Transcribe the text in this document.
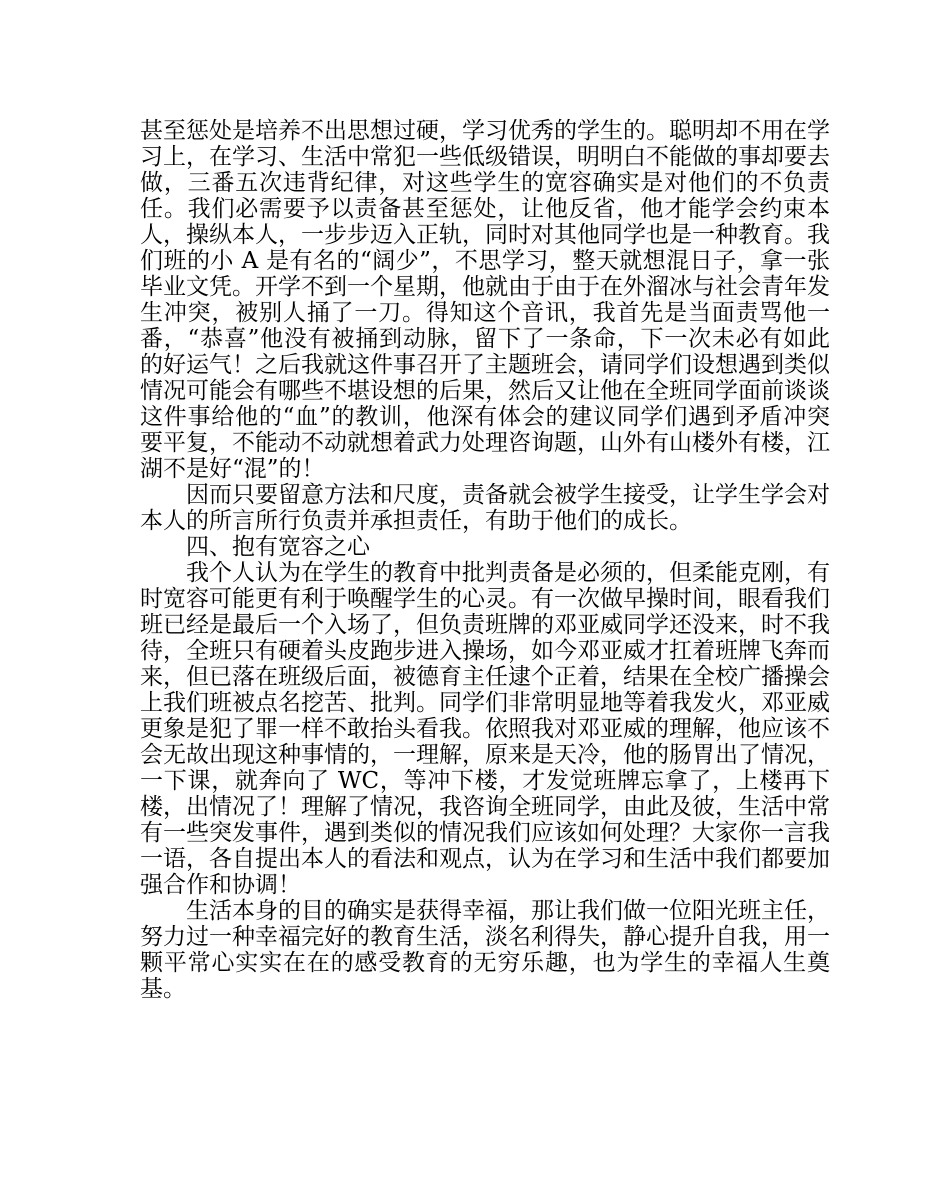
甚至惩处是培养不出思想过硬，学习优秀的学生的。聪明却不用在学习上，在学习、生活中常犯一些低级错误，明明白不能做的事却要去做，三番五次违背纪律，对这些学生的宽容确实是对他们的不负责任。我们必需要予以责备甚至惩处，让他反省，他才能学会约束本人，操纵本人，一步步迈入正轨，同时对其他同学也是一种教育。我们班的小 A 是有名的“阔少”，不思学习，整天就想混日子，拿一张毕业文凭。开学不到一个星期，他就由于由于在外溜冰与社会青年发生冲突，被别人捅了一刀。得知这个音讯，我首先是当面责骂他一番，“恭喜”他没有被捅到动脉，留下了一条命，下一次未必有如此的好运气！之后我就这件事召开了主题班会，请同学们设想遇到类似情况可能会有哪些不堪设想的后果，然后又让他在全班同学面前谈谈这件事给他的“血”的教训，他深有体会的建议同学们遇到矛盾冲突要平复，不能动不动就想着武力处理咨询题，山外有山楼外有楼，江湖不是好“混”的！

因而只要留意方法和尺度，责备就会被学生接受，让学生学会对本人的所言所行负责并承担责任，有助于他们的成长。

四、抱有宽容之心

我个人认为在学生的教育中批判责备是必须的，但柔能克刚，有时宽容可能更有利于唤醒学生的心灵。有一次做早操时间，眼看我们班已经是最后一个入场了，但负责班牌的邓亚威同学还没来，时不我待，全班只有硬着头皮跑步进入操场，如今邓亚威才扛着班牌飞奔而来，但已落在班级后面，被德育主任逮个正着，结果在全校广播操会上我们班被点名挖苦、批判。同学们非常明显地等着我发火，邓亚威更象是犯了罪一样不敢抬头看我。依照我对邓亚威的理解，他应该不会无故出现这种事情的，一理解，原来是天冷，他的肠胃出了情况，一下课，就奔向了 WC，等冲下楼，才发觉班牌忘拿了，上楼再下楼，出情况了！理解了情况，我咨询全班同学，由此及彼，生活中常有一些突发事件，遇到类似的情况我们应该如何处理？大家你一言我一语，各自提出本人的看法和观点，认为在学习和生活中我们都要加强合作和协调！

生活本身的目的确实是获得幸福，那让我们做一位阳光班主任，努力过一种幸福完好的教育生活，淡名利得失，静心提升自我，用一颗平常心实实在在的感受教育的无穷乐趣，也为学生的幸福人生奠基。
